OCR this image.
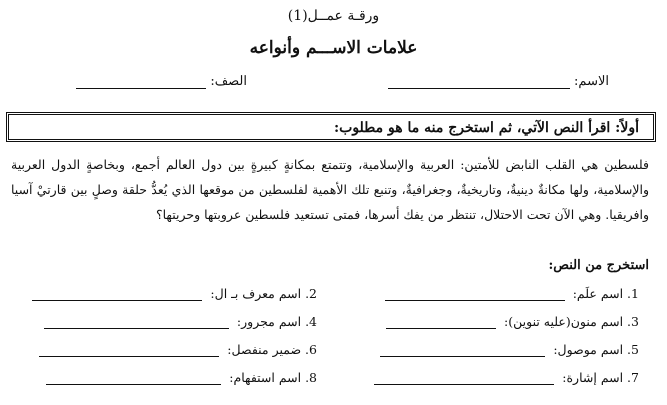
ورقـة عمــل(1)
علامات الاســـم وأنواعه
الاسم:
الصف:
أولاً: اقرأ النص الآتي، ثم استخرج منه ما هو مطلوب:
فلسطين هي القلب النابض للأمتين: العربية والإسلامية، وتتمتع بمكانةٍ كبيرةٍ بين دول العالم أجمع، وبخاصةٍ الدول العربية والإسلامية، ولها مكانةٌ دينيةٌ، وتاريخيةٌ، وجغرافيةٌ، وتنبع تلك الأهمية لفلسطين من موقعها الذي يُعدُّ حلقة وصلٍ بين قارتيْ آسيا وافريقيا. وهي الآن تحت الاحتلال، تنتظر من يفك أسرها، فمتى تستعيد فلسطين عروبتها وحريتها؟
استخرج من النص:
1. اسم علَم:
2. اسم معرف بـ ال:
3. اسم منون(عليه تنوين):
4. اسم مجرور:
5. اسم موصول:
6. ضمير منفصل:
7. اسم إشارة:
8. اسم استفهام:
